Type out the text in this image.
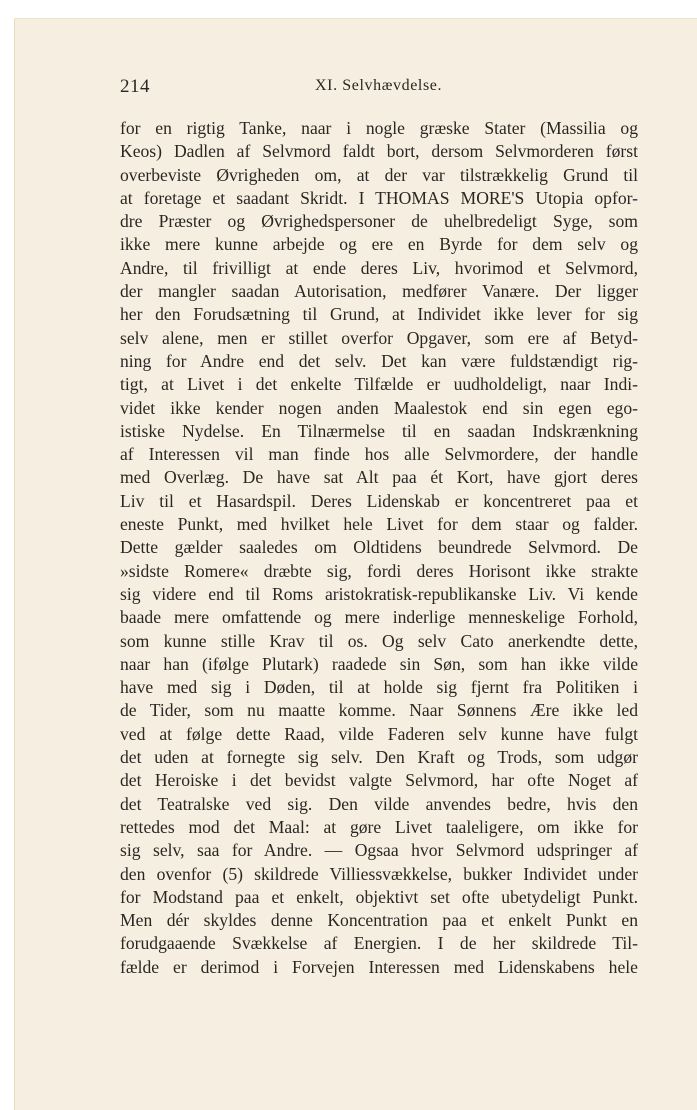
214	XI. Selvhævdelse.
for en rigtig Tanke, naar i nogle græske Stater (Massilia og
Keos) Dadlen af Selvmord faldt bort, dersom Selvmorderen først
overbeviste Øvrigheden om, at der var tilstrækkelig Grund til
at foretage et saadant Skridt. I THOMAS MORE'S Utopia opfor-
dre Præster og Øvrighedspersoner de uhelbredeligt Syge, som
ikke mere kunne arbejde og ere en Byrde for dem selv og
Andre, til frivilligt at ende deres Liv, hvorimod et Selvmord,
der mangler saadan Autorisation, medfører Vanære. Der ligger
her den Forudsætning til Grund, at Individet ikke lever for sig
selv alene, men er stillet overfor Opgaver, som ere af Betyd-
ning for Andre end det selv. Det kan være fuldstændigt rig-
tigt, at Livet i det enkelte Tilfælde er uudholdeligt, naar Indi-
videt ikke kender nogen anden Maalestok end sin egen ego-
istiske Nydelse. En Tilnærmelse til en saadan Indskrænkning
af Interessen vil man finde hos alle Selvmordere, der handle
med Overlæg. De have sat Alt paa ét Kort, have gjort deres
Liv til et Hasardspil. Deres Lidenskab er koncentreret paa et
eneste Punkt, med hvilket hele Livet for dem staar og falder.
Dette gælder saaledes om Oldtidens beundrede Selvmord. De
»sidste Romere« dræbte sig, fordi deres Horisont ikke strakte
sig videre end til Roms aristokratisk-republikanske Liv. Vi kende
baade mere omfattende og mere inderlige menneskelige Forhold,
som kunne stille Krav til os. Og selv Cato anerkendte dette,
naar han (ifølge Plutark) raadede sin Søn, som han ikke vilde
have med sig i Døden, til at holde sig fjernt fra Politiken i
de Tider, som nu maatte komme. Naar Sønnens Ære ikke led
ved at følge dette Raad, vilde Faderen selv kunne have fulgt
det uden at fornegte sig selv. Den Kraft og Trods, som udgør
det Heroiske i det bevidst valgte Selvmord, har ofte Noget af
det Teatralske ved sig. Den vilde anvendes bedre, hvis den
rettedes mod det Maal: at gøre Livet taaleligere, om ikke for
sig selv, saa for Andre. — Ogsaa hvor Selvmord udspringer af
den ovenfor (5) skildrede Villiessvækkelse, bukker Individet under
for Modstand paa et enkelt, objektivt set ofte ubetydeligt Punkt.
Men dér skyldes denne Koncentration paa et enkelt Punkt en
forudgaaende Svækkelse af Energien. I de her skildrede Til-
fælde er derimod i Forvejen Interessen med Lidenskabens hele
